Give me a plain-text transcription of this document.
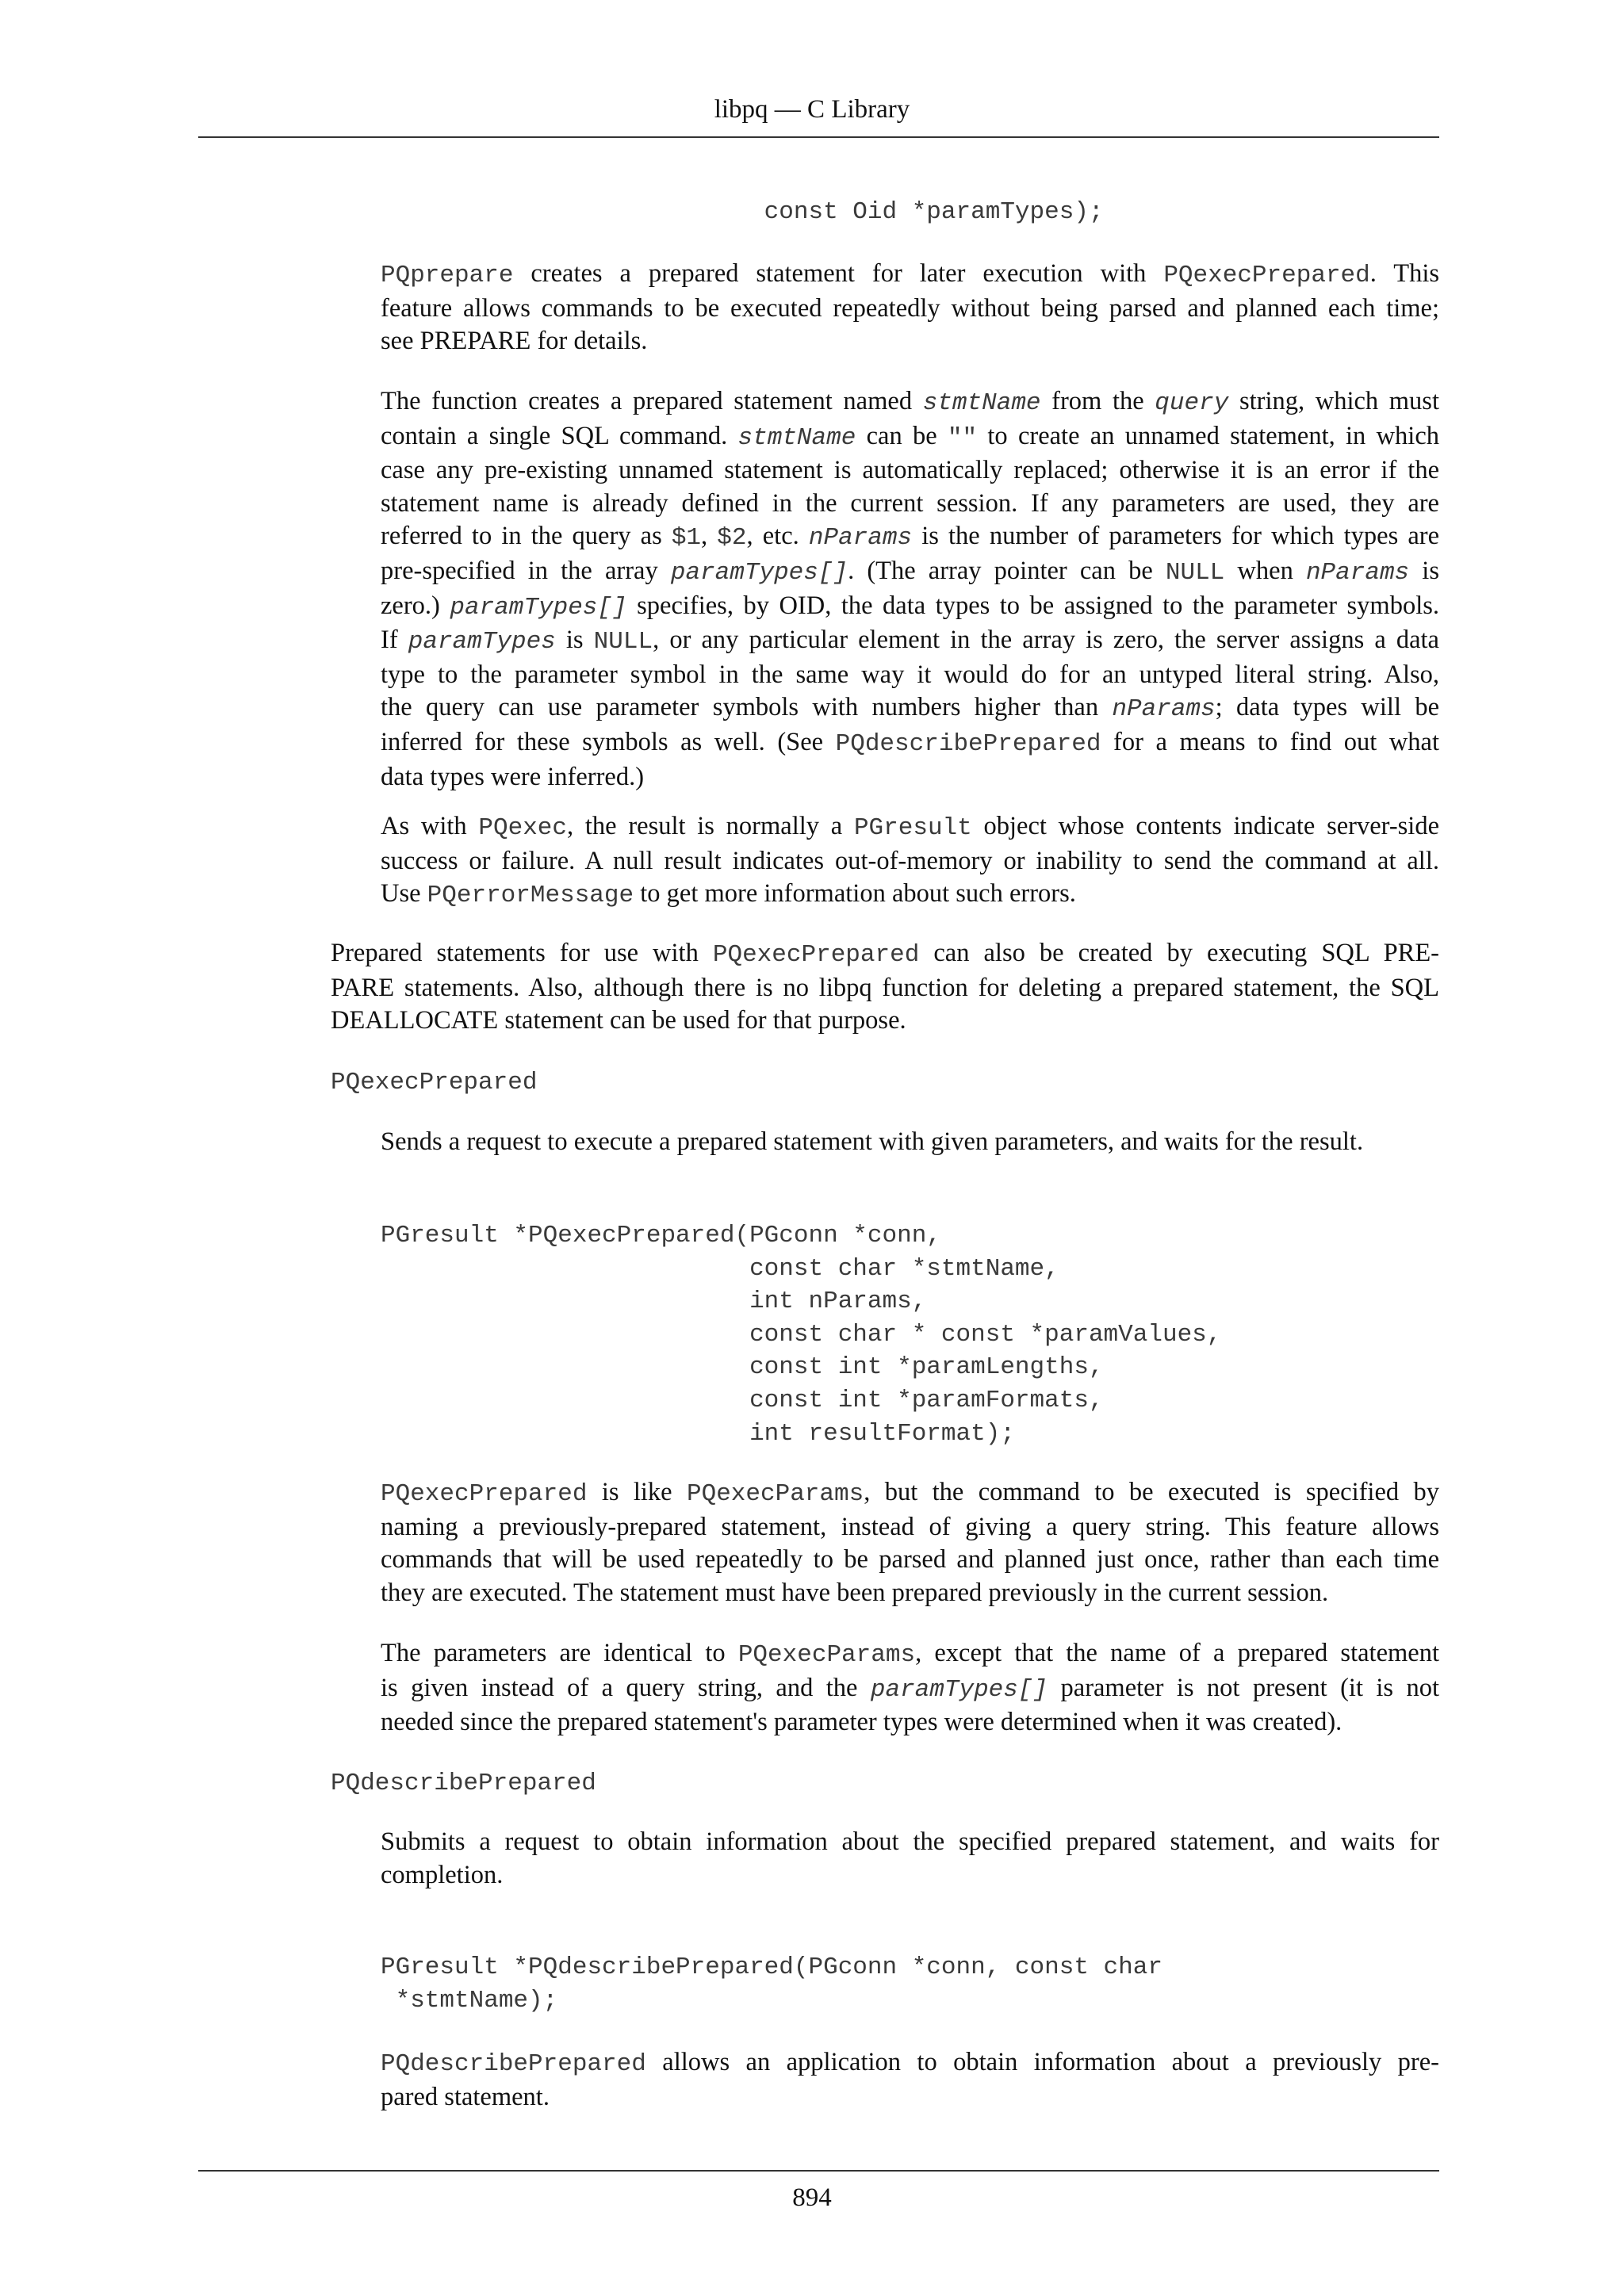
libpq — C Library
const Oid *paramTypes);

PQprepare creates a prepared statement for later execution with PQexecPrepared. This
feature allows commands to be executed repeatedly without being parsed and planned each time;
see PREPARE for details.

The function creates a prepared statement named stmtName from the query string, which must
contain a single SQL command. stmtName can be "" to create an unnamed statement, in which
case any pre-existing unnamed statement is automatically replaced; otherwise it is an error if the
statement name is already defined in the current session. If any parameters are used, they are
referred to in the query as $1, $2, etc. nParams is the number of parameters for which types are
pre-specified in the array paramTypes[]. (The array pointer can be NULL when nParams is
zero.) paramTypes[] specifies, by OID, the data types to be assigned to the parameter symbols.
If paramTypes is NULL, or any particular element in the array is zero, the server assigns a data
type to the parameter symbol in the same way it would do for an untyped literal string. Also,
the query can use parameter symbols with numbers higher than nParams; data types will be
inferred for these symbols as well. (See PQdescribePrepared for a means to find out what
data types were inferred.)

As with PQexec, the result is normally a PGresult object whose contents indicate server-side
success or failure. A null result indicates out-of-memory or inability to send the command at all.
Use PQerrorMessage to get more information about such errors.

Prepared statements for use with PQexecPrepared can also be created by executing SQL PRE-
PARE statements. Also, although there is no libpq function for deleting a prepared statement, the SQL
DEALLOCATE statement can be used for that purpose.

PQexecPrepared

Sends a request to execute a prepared statement with given parameters, and waits for the result.

PGresult *PQexecPrepared(PGconn *conn,
const char *stmtName,
int nParams,
const char * const *paramValues,
const int *paramLengths,
const int *paramFormats,
int resultFormat);

PQexecPrepared is like PQexecParams, but the command to be executed is specified by
naming a previously-prepared statement, instead of giving a query string. This feature allows
commands that will be used repeatedly to be parsed and planned just once, rather than each time
they are executed. The statement must have been prepared previously in the current session.

The parameters are identical to PQexecParams, except that the name of a prepared statement
is given instead of a query string, and the paramTypes[] parameter is not present (it is not
needed since the prepared statement's parameter types were determined when it was created).

PQdescribePrepared

Submits a request to obtain information about the specified prepared statement, and waits for
completion.

PGresult *PQdescribePrepared(PGconn *conn, const char
*stmtName);

PQdescribePrepared allows an application to obtain information about a previously pre-
pared statement.

894
